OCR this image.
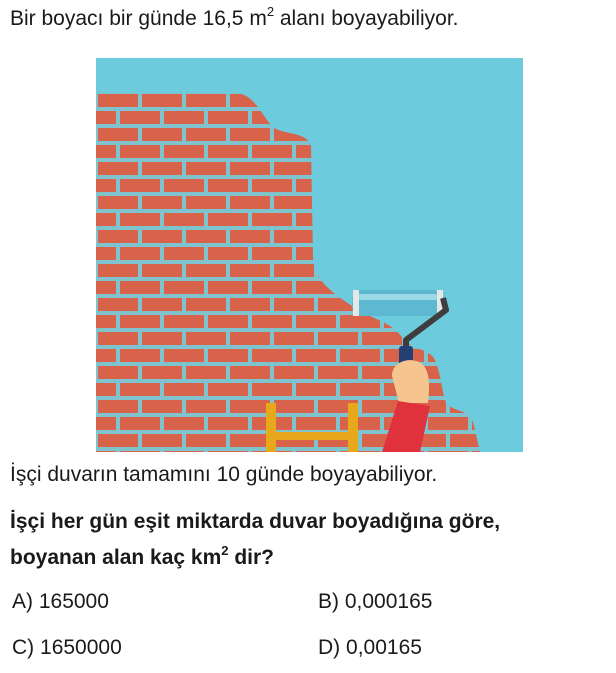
Bir boyacı bir günde 16,5 $m^2$ alanı boyayabiliyor.
İşçi duvarın tamamını 10 günde boyayabiliyor.
İşçi her gün eşit miktarda duvar boyadığına göre,
boyanan alan kaç $km^2$ dir?
A) 165000	B) 0,000165
C) 1650000	D) 0,00165
